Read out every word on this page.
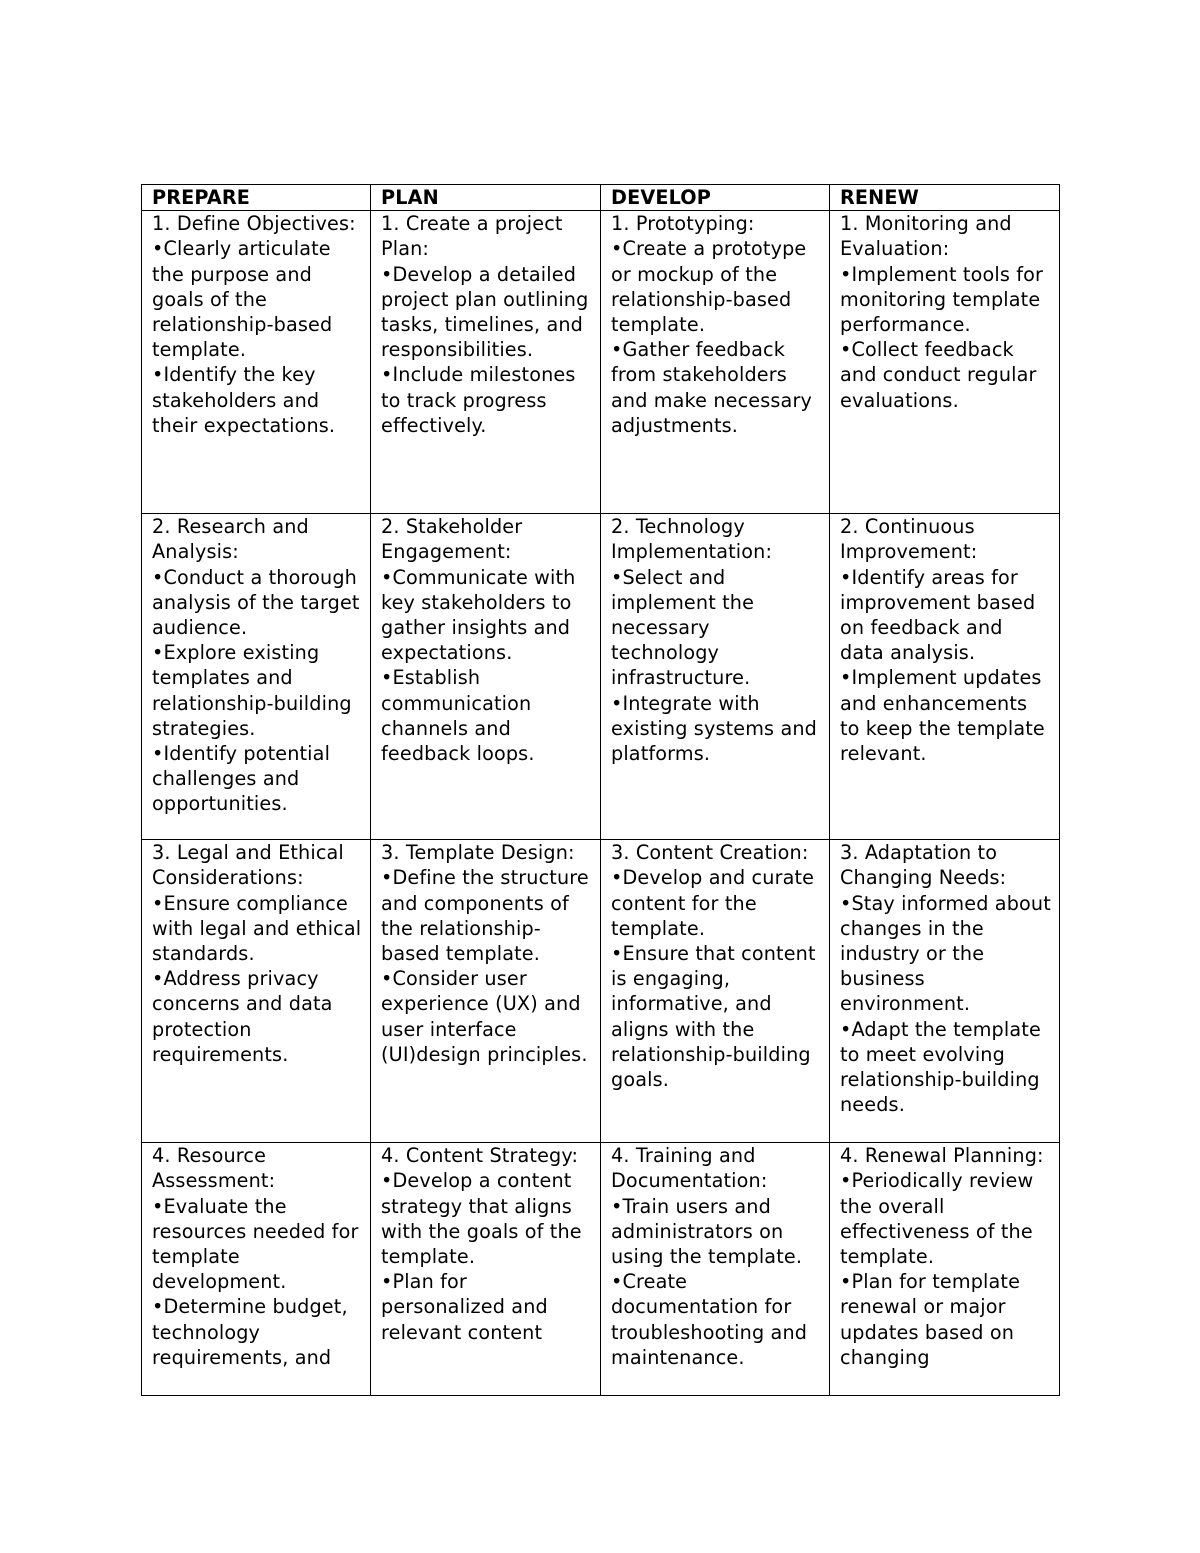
PREPARE	PLAN	DEVELOP	RENEW

1. Define Objectives:
•Clearly articulate the purpose and goals of the relationship-based template.
•Identify the key stakeholders and their expectations.	1. Create a project Plan:
•Develop a detailed project plan outlining tasks, timelines, and responsibilities.
•Include milestones to track progress effectively.	1. Prototyping:
•Create a prototype or mockup of the relationship-based template.
•Gather feedback from stakeholders and make necessary adjustments.	1. Monitoring and Evaluation:
•Implement tools for monitoring template performance.
•Collect feedback and conduct regular evaluations.

2. Research and Analysis:
•Conduct a thorough analysis of the target audience.
•Explore existing templates and relationship-building strategies.
•Identify potential challenges and opportunities.	2. Stakeholder Engagement:
•Communicate with key stakeholders to gather insights and expectations.
•Establish communication channels and feedback loops.	2. Technology Implementation:
•Select and implement the necessary technology infrastructure.
•Integrate with existing systems and platforms.	2. Continuous Improvement:
•Identify areas for improvement based on feedback and data analysis.
•Implement updates and enhancements to keep the template relevant.

3. Legal and Ethical Considerations:
•Ensure compliance with legal and ethical standards.
•Address privacy concerns and data protection requirements.	3. Template Design:
•Define the structure and components of the relationship-based template.
•Consider user experience (UX) and user interface (UI)design principles.	3. Content Creation:
•Develop and curate content for the template.
•Ensure that content is engaging, informative, and aligns with the relationship-building goals.	3. Adaptation to Changing Needs:
•Stay informed about changes in the industry or the business environment.
•Adapt the template to meet evolving relationship-building needs.

4. Resource Assessment:
•Evaluate the resources needed for template development.
•Determine budget, technology requirements, and	4. Content Strategy:
•Develop a content strategy that aligns with the goals of the template.
•Plan for personalized and relevant content	4. Training and Documentation:
•Train users and administrators on using the template.
•Create documentation for troubleshooting and maintenance.	4. Renewal Planning:
•Periodically review the overall effectiveness of the template.
•Plan for template renewal or major updates based on changing
